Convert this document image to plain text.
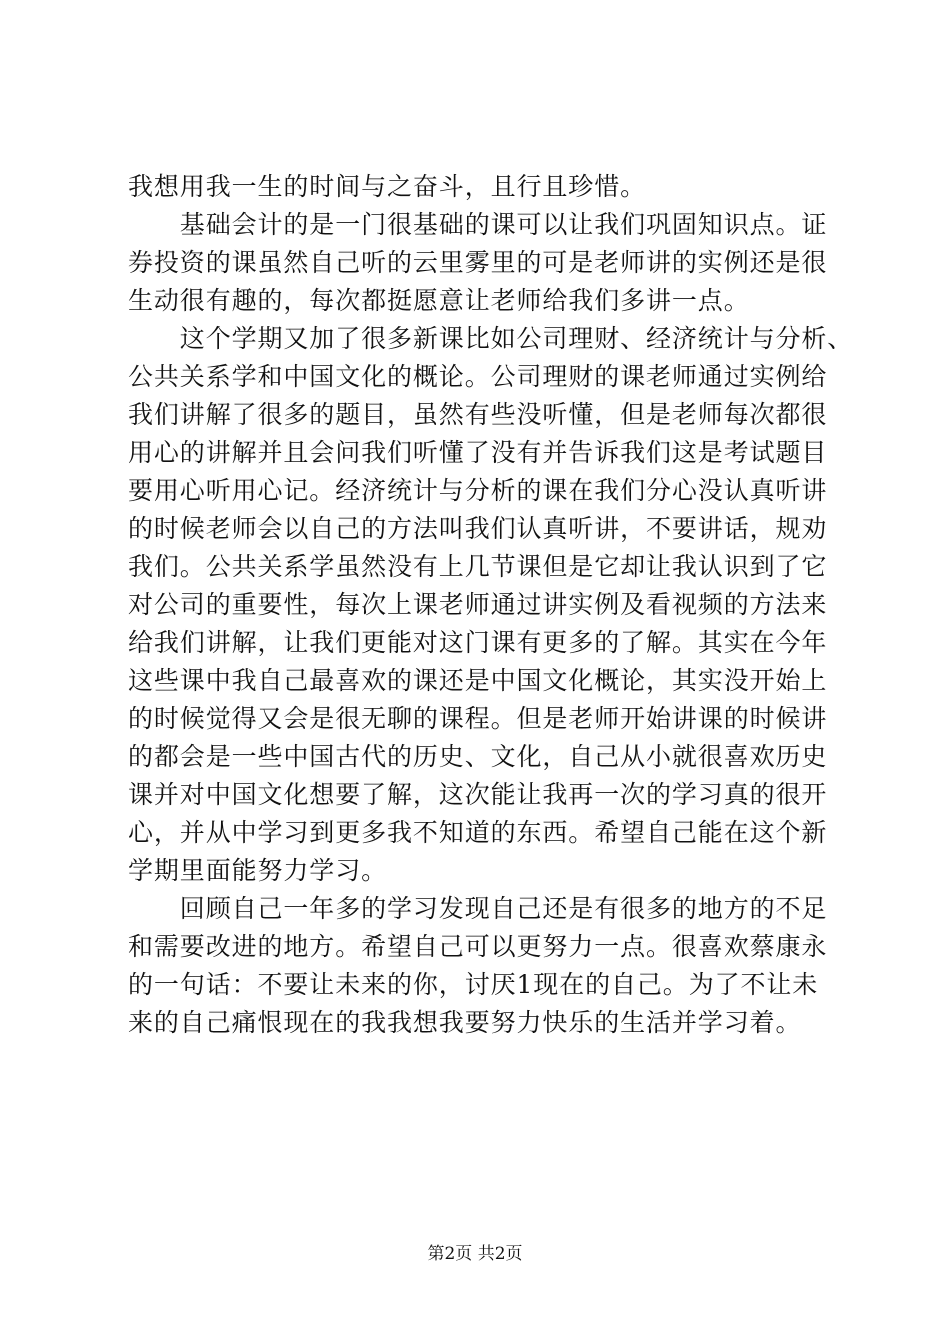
我想用我一生的时间与之奋斗，且行且珍惜。
　　基础会计的是一门很基础的课可以让我们巩固知识点。证
券投资的课虽然自己听的云里雾里的可是老师讲的实例还是很
生动很有趣的，每次都挺愿意让老师给我们多讲一点。
　　这个学期又加了很多新课比如公司理财、经济统计与分析、
公共关系学和中国文化的概论。公司理财的课老师通过实例给
我们讲解了很多的题目，虽然有些没听懂，但是老师每次都很
用心的讲解并且会问我们听懂了没有并告诉我们这是考试题目
要用心听用心记。经济统计与分析的课在我们分心没认真听讲
的时候老师会以自己的方法叫我们认真听讲，不要讲话，规劝
我们。公共关系学虽然没有上几节课但是它却让我认识到了它
对公司的重要性，每次上课老师通过讲实例及看视频的方法来
给我们讲解，让我们更能对这门课有更多的了解。其实在今年
这些课中我自己最喜欢的课还是中国文化概论，其实没开始上
的时候觉得又会是很无聊的课程。但是老师开始讲课的时候讲
的都会是一些中国古代的历史、文化，自己从小就很喜欢历史
课并对中国文化想要了解，这次能让我再一次的学习真的很开
心，并从中学习到更多我不知道的东西。希望自己能在这个新
学期里面能努力学习。
　　回顾自己一年多的学习发现自己还是有很多的地方的不足
和需要改进的地方。希望自己可以更努力一点。很喜欢蔡康永
的一句话：不要让未来的你，讨厌1现在的自己。为了不让未
来的自己痛恨现在的我我想我要努力快乐的生活并学习着。
第2页 共2页
